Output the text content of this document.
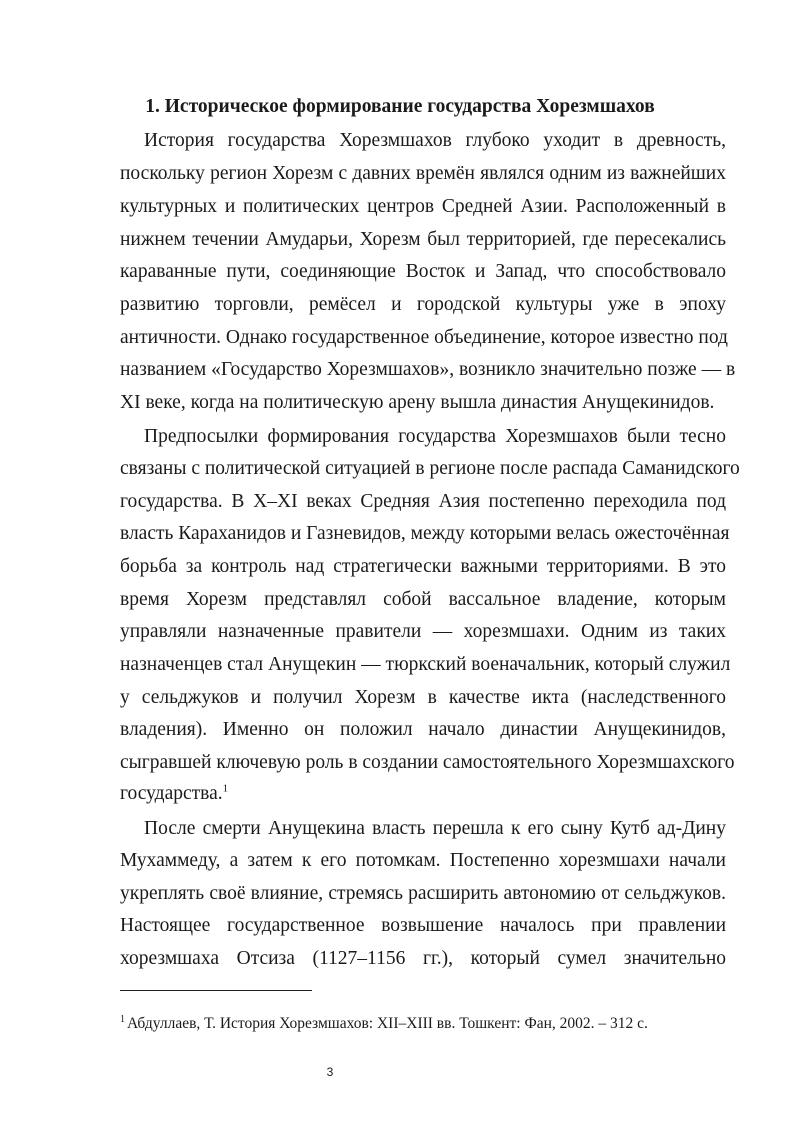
1. Историческое формирование государства Хорезмшахов
История государства Хорезмшахов глубоко уходит в древность,
поскольку регион Хорезм с давних времён являлся одним из важнейших
культурных и политических центров Средней Азии. Расположенный в
нижнем течении Амударьи, Хорезм был территорией, где пересекались
караванные пути, соединяющие Восток и Запад, что способствовало
развитию торговли, ремёсел и городской культуры уже в эпоху
античности. Однако государственное объединение, которое известно под
названием «Государство Хорезмшахов», возникло значительно позже — в
XI веке, когда на политическую арену вышла династия Анущекинидов.
Предпосылки формирования государства Хорезмшахов были тесно
связаны с политической ситуацией в регионе после распада Саманидского
государства. В X–XI веках Средняя Азия постепенно переходила под
власть Караханидов и Газневидов, между которыми велась ожесточённая
борьба за контроль над стратегически важными территориями. В это
время Хорезм представлял собой вассальное владение, которым
управляли назначенные правители — хорезмшахи. Одним из таких
назначенцев стал Анущекин — тюркский военачальник, который служил
у сельджуков и получил Хорезм в качестве икта (наследственного
владения). Именно он положил начало династии Анущекинидов,
сыгравшей ключевую роль в создании самостоятельного Хорезмшахского
государства.$^1$
После смерти Анущекина власть перешла к его сыну Кутб ад-Дину
Мухаммеду, а затем к его потомкам. Постепенно хорезмшахи начали
укреплять своё влияние, стремясь расширить автономию от сельджуков.
Настоящее государственное возвышение началось при правлении
хорезмшаха Отсиза (1127–1156 гг.), который сумел значительно
$^1$ Абдуллаев, Т. История Хорезмшахов: XII–XIII вв. Тошкент: Фан, 2002. – 312 с.
3
